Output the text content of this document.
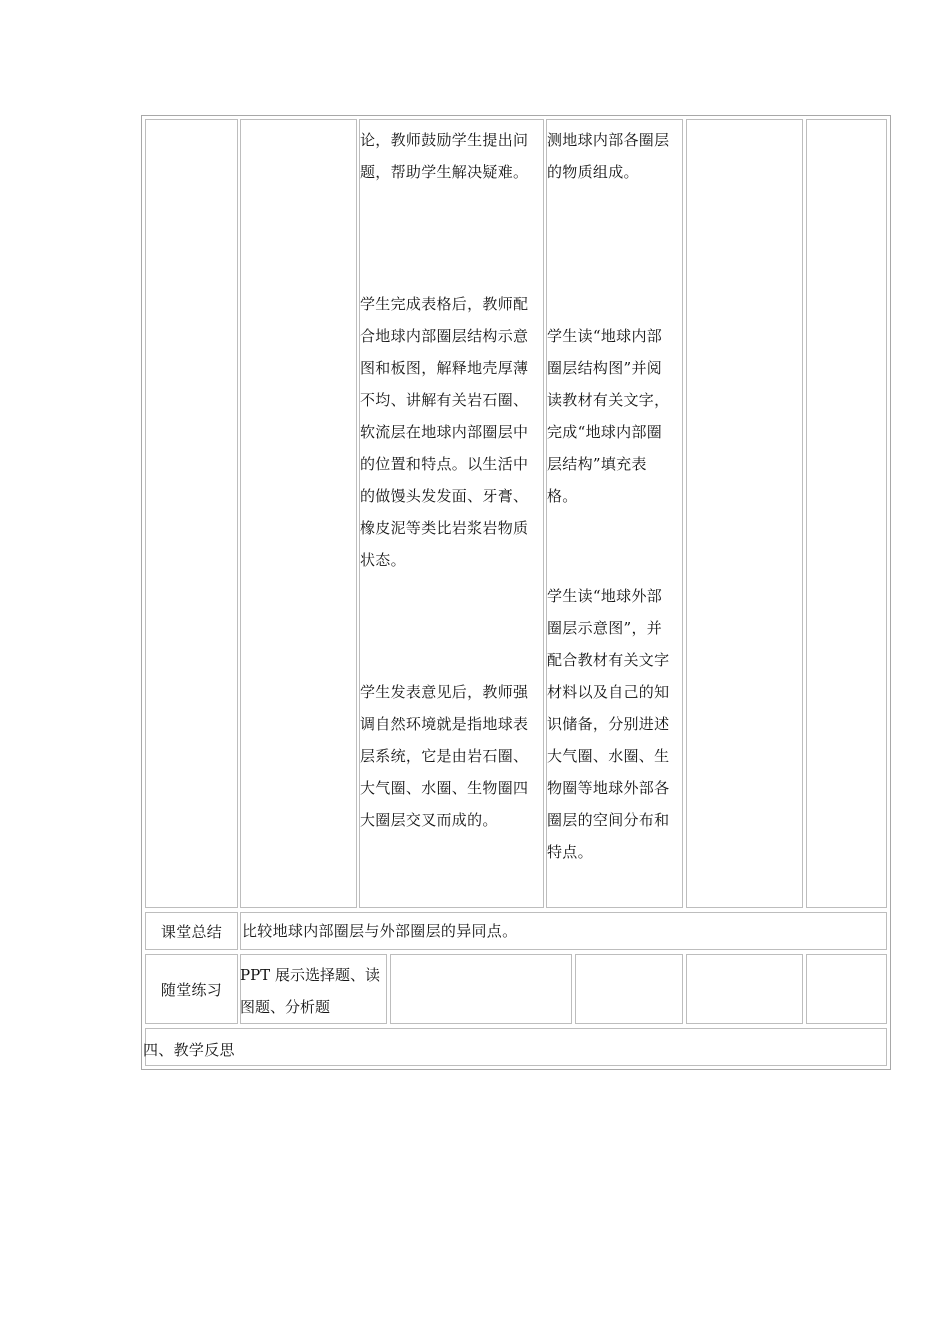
论，教师鼓励学生提出问
题，帮助学生解决疑难。
学生完成表格后，教师配
合地球内部圈层结构示意
图和板图，解释地壳厚薄
不均、讲解有关岩石圈、
软流层在地球内部圈层中
的位置和特点。以生活中
的做馒头发发面、牙膏、
橡皮泥等类比岩浆岩物质
状态。
学生发表意见后，教师强
调自然环境就是指地球表
层系统，它是由岩石圈、
大气圈、水圈、生物圈四
大圈层交叉而成的。
测地球内部各圈层
的物质组成。
学生读“地球内部
圈层结构图”并阅
读教材有关文字，
完成“地球内部圈
层结构”填充表
格。
学生读“地球外部
圈层示意图”，并
配合教材有关文字
材料以及自己的知
识储备，分别进述
大气圈、水圈、生
物圈等地球外部各
圈层的空间分布和
特点。
课堂总结	比较地球内部圈层与外部圈层的异同点。
随堂练习
PPT 展示选择题、读
图题、分析题
四、教学反思
